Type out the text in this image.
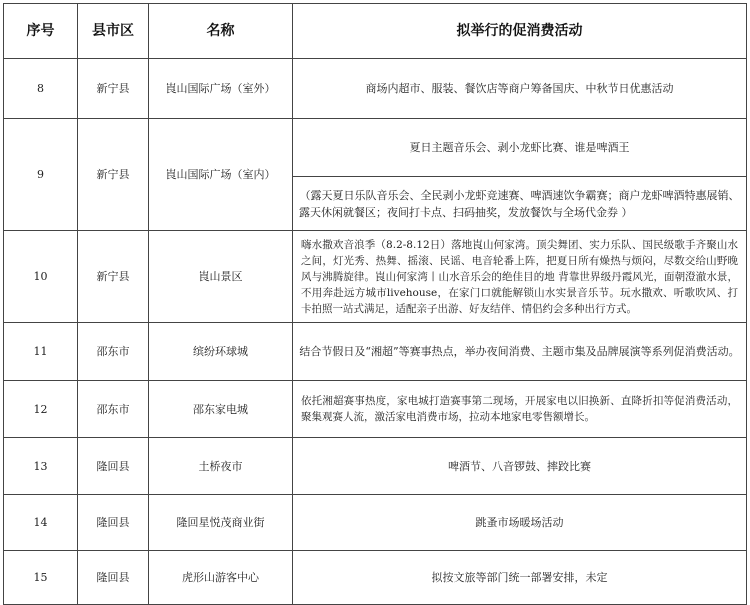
序号	县市区	名称	拟举行的促消费活动
8	新宁县	崀山国际广场（室外）	商场内超市、服装、餐饮店等商户筹备国庆、中秋节日优惠活动
9	新宁县	崀山国际广场（室内）	夏日主题音乐会、剥小龙虾比赛、谁是啤酒王
			（露天夏日乐队音乐会、全民剥小龙虾竞速赛、啤酒速饮争霸赛；商户龙虾啤酒特惠展销、露天休闲就餐区；夜间打卡点、扫码抽奖，发放餐饮与全场代金券 ）
10	新宁县	崀山景区	嗨水撒欢音浪季（8.2-8.12日）落地崀山何家湾。顶尖舞团、实力乐队、国民级歌手齐聚山水之间，灯光秀、热舞、摇滚、民谣、电音轮番上阵，把夏日所有燥热与烦闷，尽数交给山野晚风与沸腾旋律。崀山何家湾丨山水音乐会的绝佳目的地 背靠世界级丹霞风光，面朝澄澈水景，不用奔赴远方城市livehouse，在家门口就能解锁山水实景音乐节。玩水撒欢、听歌吹风、打卡拍照一站式满足，适配亲子出游、好友结伴、情侣约会多种出行方式。
11	邵东市	缤纷环球城	结合节假日及“湘超”等赛事热点，举办夜间消费、主题市集及品牌展演等系列促消费活动。
12	邵东市	邵东家电城	依托湘超赛事热度，家电城打造赛事第二现场，开展家电以旧换新、直降折扣等促消费活动，聚集观赛人流，激活家电消费市场，拉动本地家电零售额增长。
13	隆回县	土桥夜市	啤酒节、八音锣鼓、摔跤比赛
14	隆回县	隆回星悦茂商业街	跳蚤市场暖场活动
15	隆回县	虎形山游客中心	拟按文旅等部门统一部署安排，未定
